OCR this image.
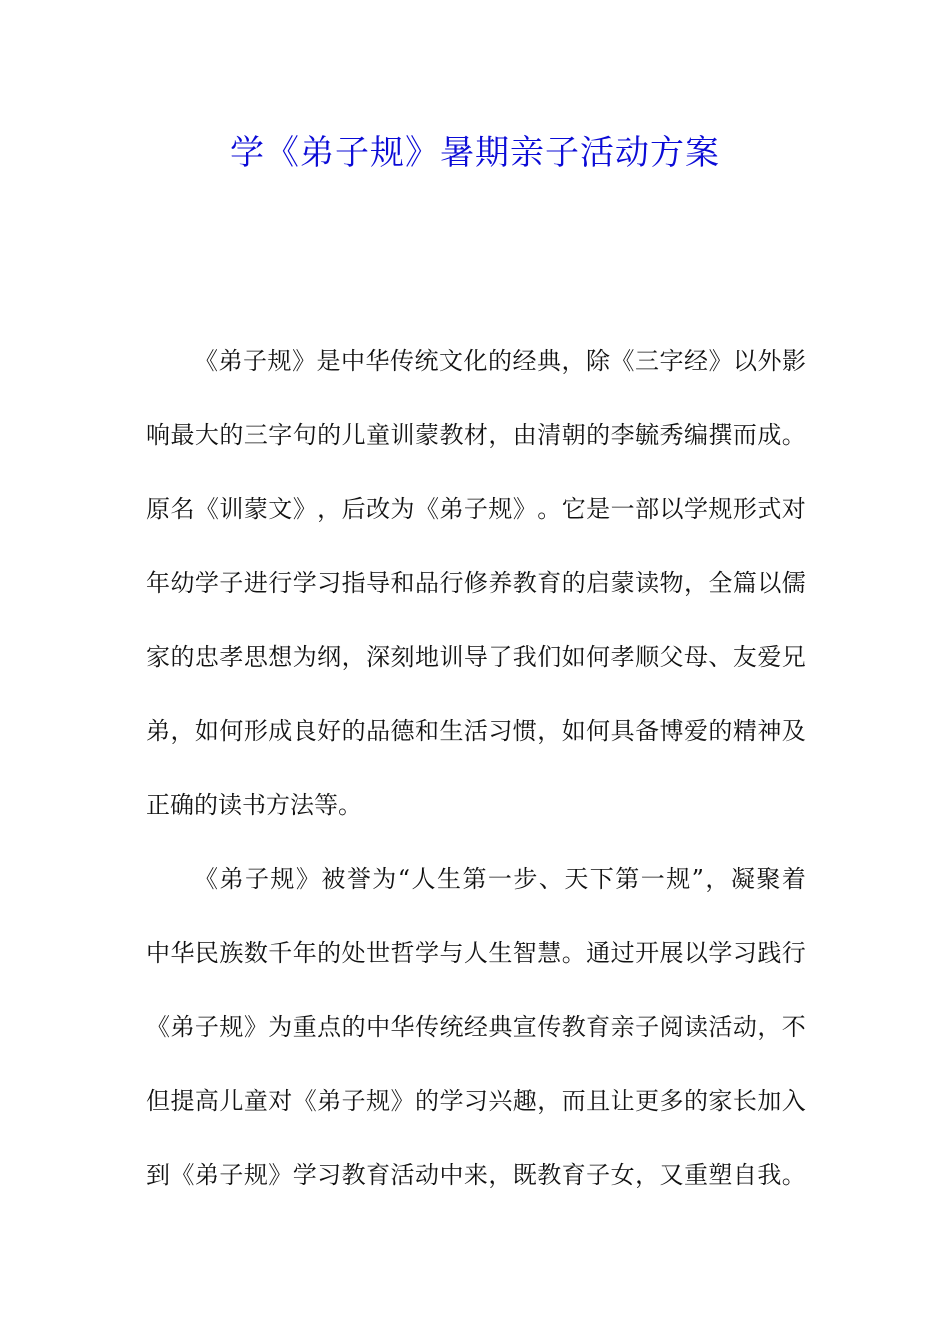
学《弟子规》暑期亲子活动方案
《 弟 子 规 》 是 中 华 传 统 文 化 的 经 典 ， 除 《 三 字 经 》 以 外 影
响 最 大 的 三 字 句 的 儿 童 训 蒙 教 材 ， 由 清 朝 的 李 毓 秀 编 撰 而 成 。
原 名 《 训 蒙 文 》 ， 后 改 为 《 弟 子 规 》 。 它 是 一 部 以 学 规 形 式 对
年 幼 学 子 进 行 学 习 指 导 和 品 行 修 养 教 育 的 启 蒙 读 物 ， 全 篇 以 儒
家 的 忠 孝 思 想 为 纲 ， 深 刻 地 训 导 了 我 们 如 何 孝 顺 父 母 、 友 爱 兄
弟 ， 如 何 形 成 良 好 的 品 德 和 生 活 习 惯 ， 如 何 具 备 博 爱 的 精 神 及
正确的读书方法等。
《 弟 子 规 》 被 誉 为 “ 人 生 第 一 步 、 天 下 第 一 规 ” ， 凝 聚 着
中 华 民 族 数 千 年 的 处 世 哲 学 与 人 生 智 慧 。 通 过 开 展 以 学 习 践 行
《 弟 子 规 》 为 重 点 的 中 华 传 统 经 典 宣 传 教 育 亲 子 阅 读 活 动 ， 不
但 提 高 儿 童 对 《 弟 子 规 》 的 学 习 兴 趣 ， 而 且 让 更 多 的 家 长 加 入
到 《 弟 子 规 》 学 习 教 育 活 动 中 来 ， 既 教 育 子 女 ， 又 重 塑 自 我 。
